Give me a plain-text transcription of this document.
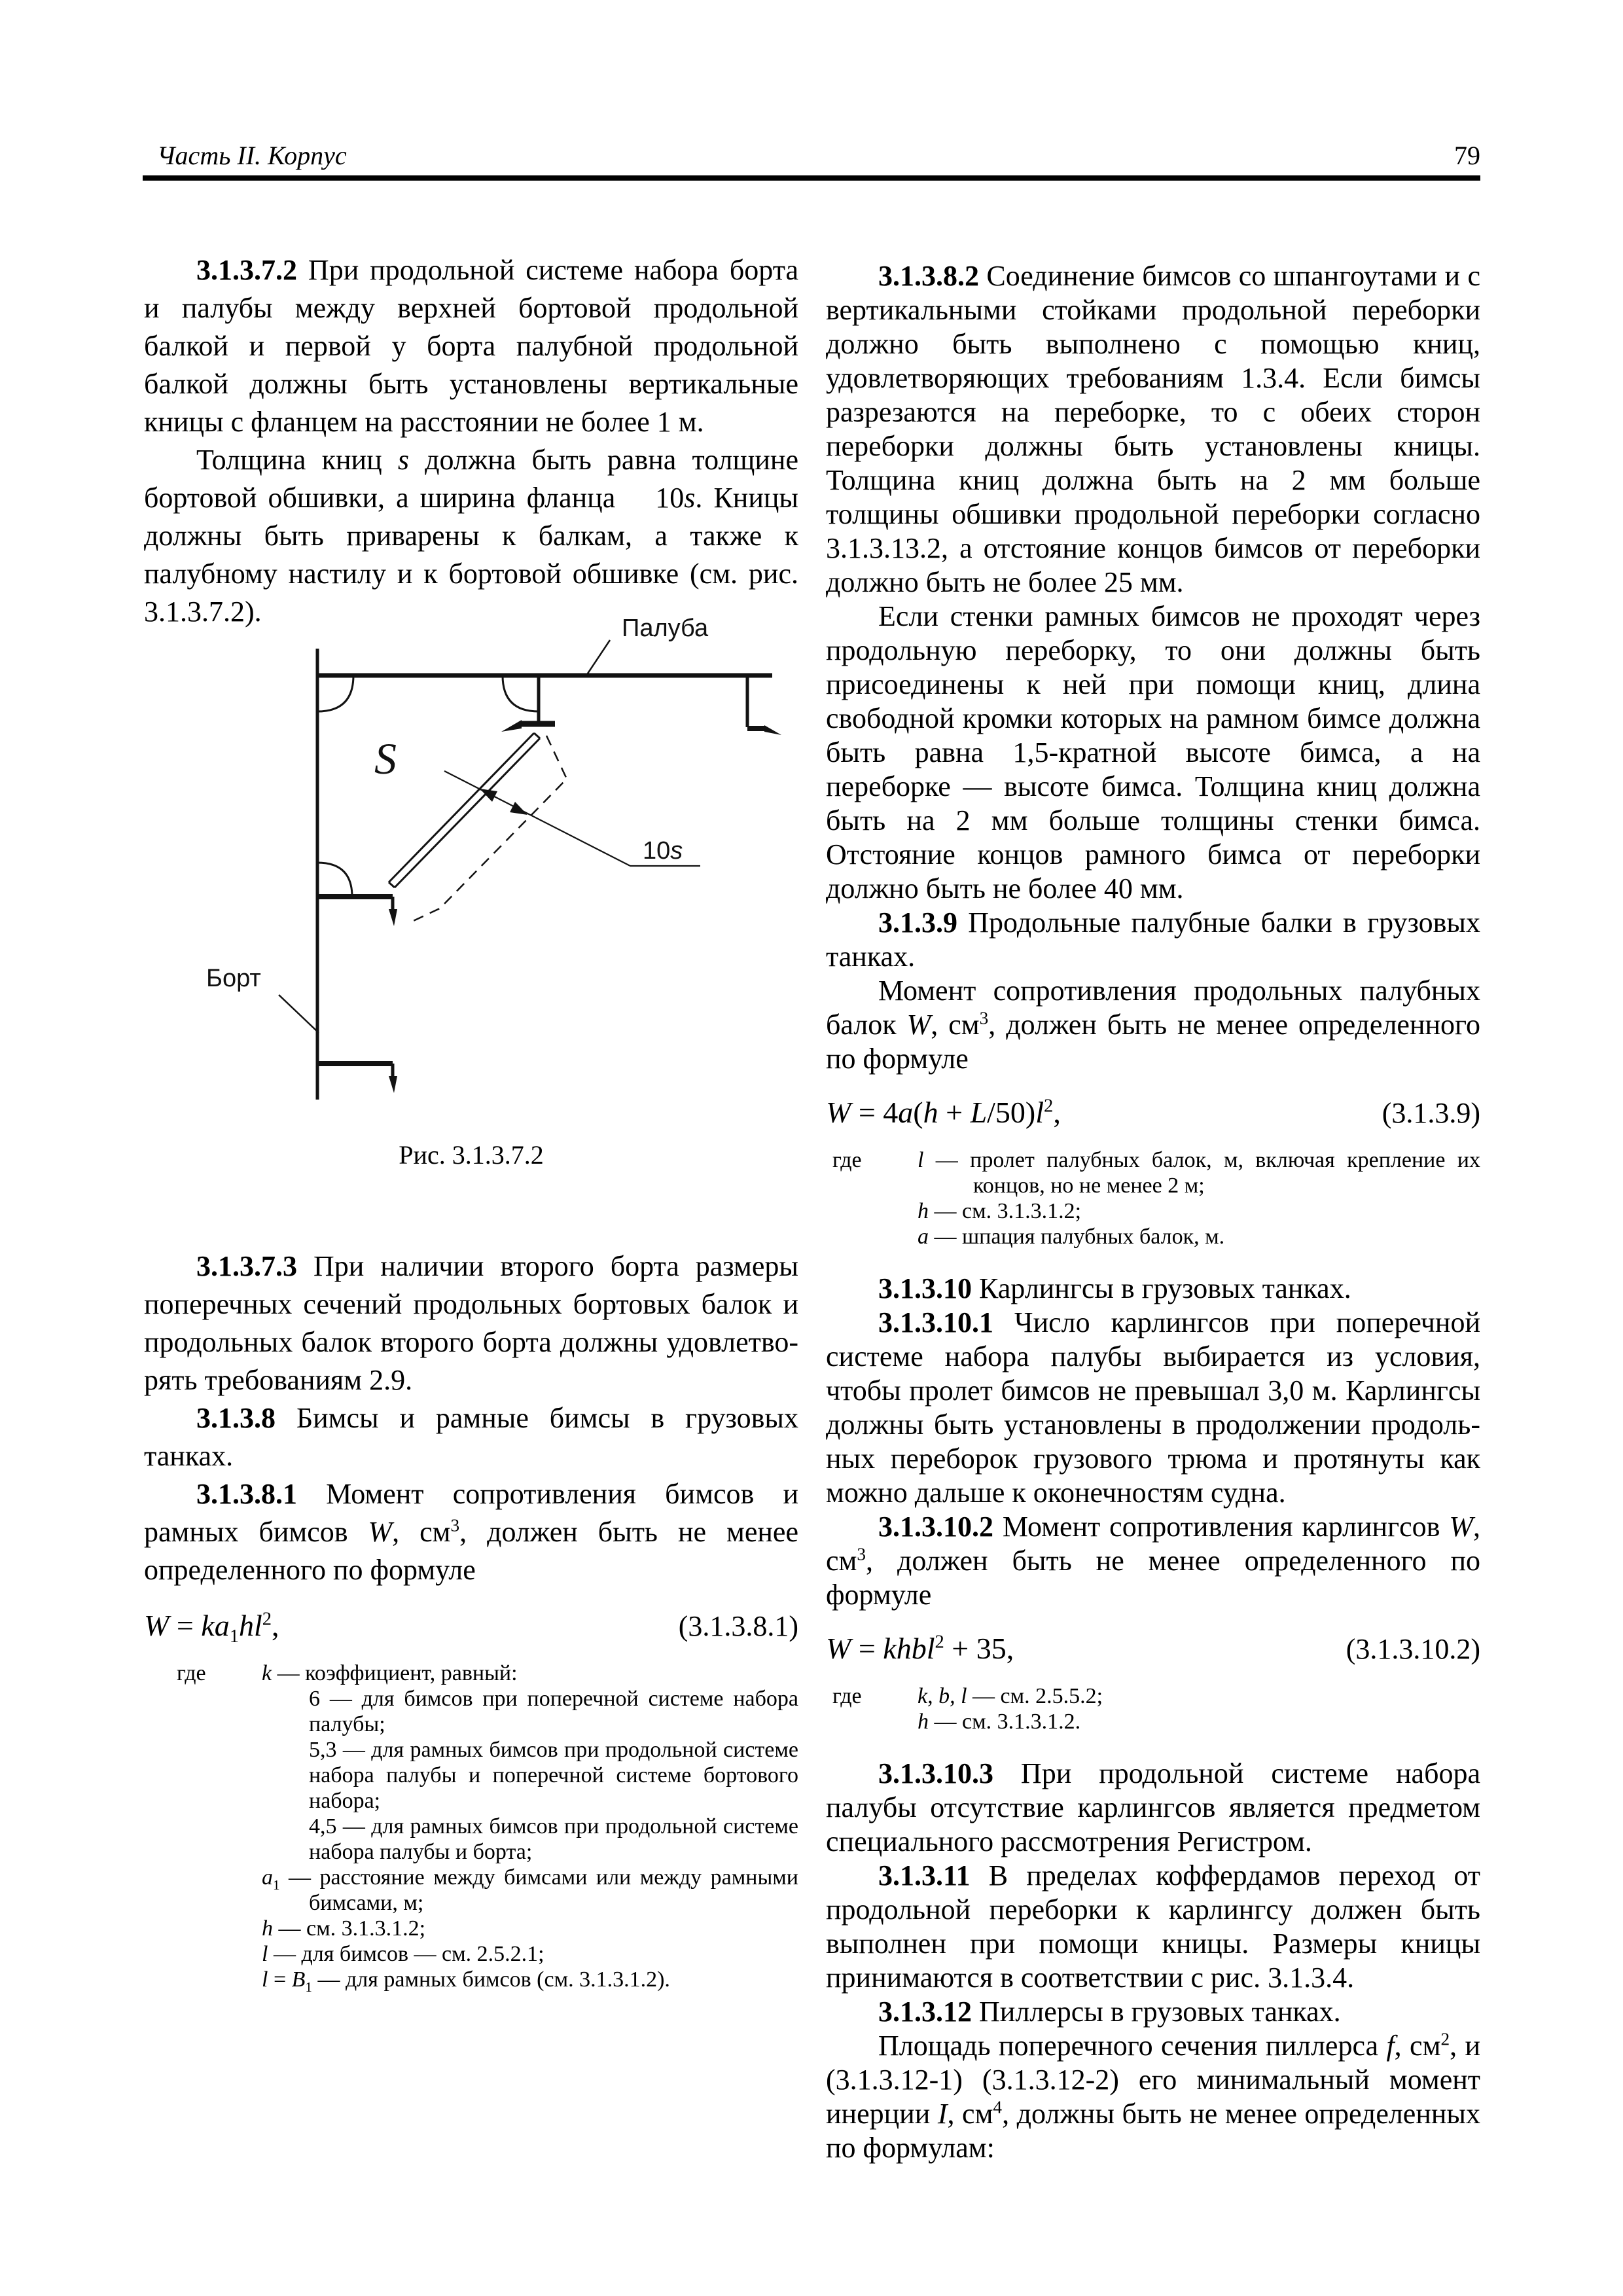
Часть II. Корпус	79

3.1.3.7.2 При продольной системе набора борта и палубы между верхней бортовой продольной балкой и первой у борта палубной продольной балкой должны быть установлены вертикальные кницы с фланцем на расстоянии не более 1 м.

Толщина книц s должна быть равна толщине бортовой обшивки, а ширина фланца  10s. Кницы должны быть приварены к балкам, а также к палубному настилу и к бортовой обшивке (см. рис. 3.1.3.7.2).

Палуба
S
10s
Борт
Рис. 3.1.3.7.2

3.1.3.7.3 При наличии второго борта размеры поперечных сечений продольных бортовых балок и продольных балок второго борта должны удовлетворять требованиям 2.9.

3.1.3.8 Бимсы и рамные бимсы в грузовых танках.

3.1.3.8.1 Момент сопротивления бимсов и рамных бимсов W, $см^3$, должен быть не менее определенного по формуле

$W = ka_1hl^2$,	(3.1.3.8.1)

где	k — коэффициент, равный:

6 — для бимсов при поперечной системе набора палубы;

5,3 — для рамных бимсов при продольной системе набора палубы и поперечной системе бортового набора;

4,5 — для рамных бимсов при продольной системе набора палубы и борта;

$a_1$ — расстояние между бимсами или между рамными бимсами, м;

h — см. 3.1.3.1.2;

l — для бимсов — см. 2.5.2.1;

$l = B_1$ — для рамных бимсов (см. 3.1.3.1.2).

3.1.3.8.2 Соединение бимсов со шпангоутами и с вертикальными стойками продольной переборки должно быть выполнено с помощью книц, удовлетворяющих требованиям 1.3.4. Если бимсы разрезаются на переборке, то с обеих сторон переборки должны быть установлены кницы. Толщина книц должна быть на 2 мм больше толщины обшивки продольной переборки согласно 3.1.3.13.2, а отстояние концов бимсов от переборки должно быть не более 25 мм.

Если стенки рамных бимсов не проходят через продольную переборку, то они должны быть присоединены к ней при помощи книц, длина свободной кромки которых на рамном бимсе должна быть равна 1,5-кратной высоте бимса, а на переборке — высоте бимса. Толщина книц должна быть на 2 мм больше толщины стенки бимса. Отстояние концов рамного бимса от переборки должно быть не более 40 мм.

3.1.3.9 Продольные палубные балки в грузовых танках.

Момент сопротивления продольных палубных балок W, $см^3$, должен быть не менее определенного по формуле

$W = 4a(h + L/50)l^2$,	(3.1.3.9)

где	l — пролет палубных балок, м, включая крепление их концов, но не менее 2 м;

h — см. 3.1.3.1.2;

a — шпация палубных балок, м.

3.1.3.10 Карлингсы в грузовых танках.

3.1.3.10.1 Число карлингсов при поперечной системе набора палубы выбирается из условия, чтобы пролет бимсов не превышал 3,0 м. Карлингсы должны быть установлены в продолжении продольных переборок грузового трюма и протянуты как можно дальше к оконечностям судна.

3.1.3.10.2 Момент сопротивления карлингсов W, $см^3$, должен быть не менее определенного по формуле

W = khbl$^2$ + 35,	(3.1.3.10.2)

где	k, b, l — см. 2.5.5.2;

h — см. 3.1.3.1.2.

3.1.3.10.3 При продольной системе набора палубы отсутствие карлингсов является предметом специального рассмотрения Регистром.

3.1.3.11 В пределах коффердамов переход от продольной переборки к карлингсу должен быть выполнен при помощи кницы. Размеры кницы принимаются в соответствии с рис. 3.1.3.4.

3.1.3.12 Пиллерсы в грузовых танках.

Площадь поперечного сечения пиллерса f, $см^2$, и (3.1.3.12-1) (3.1.3.12-2) его минимальный момент инерции I, $см^4$, должны быть не менее определенных по формулам:
